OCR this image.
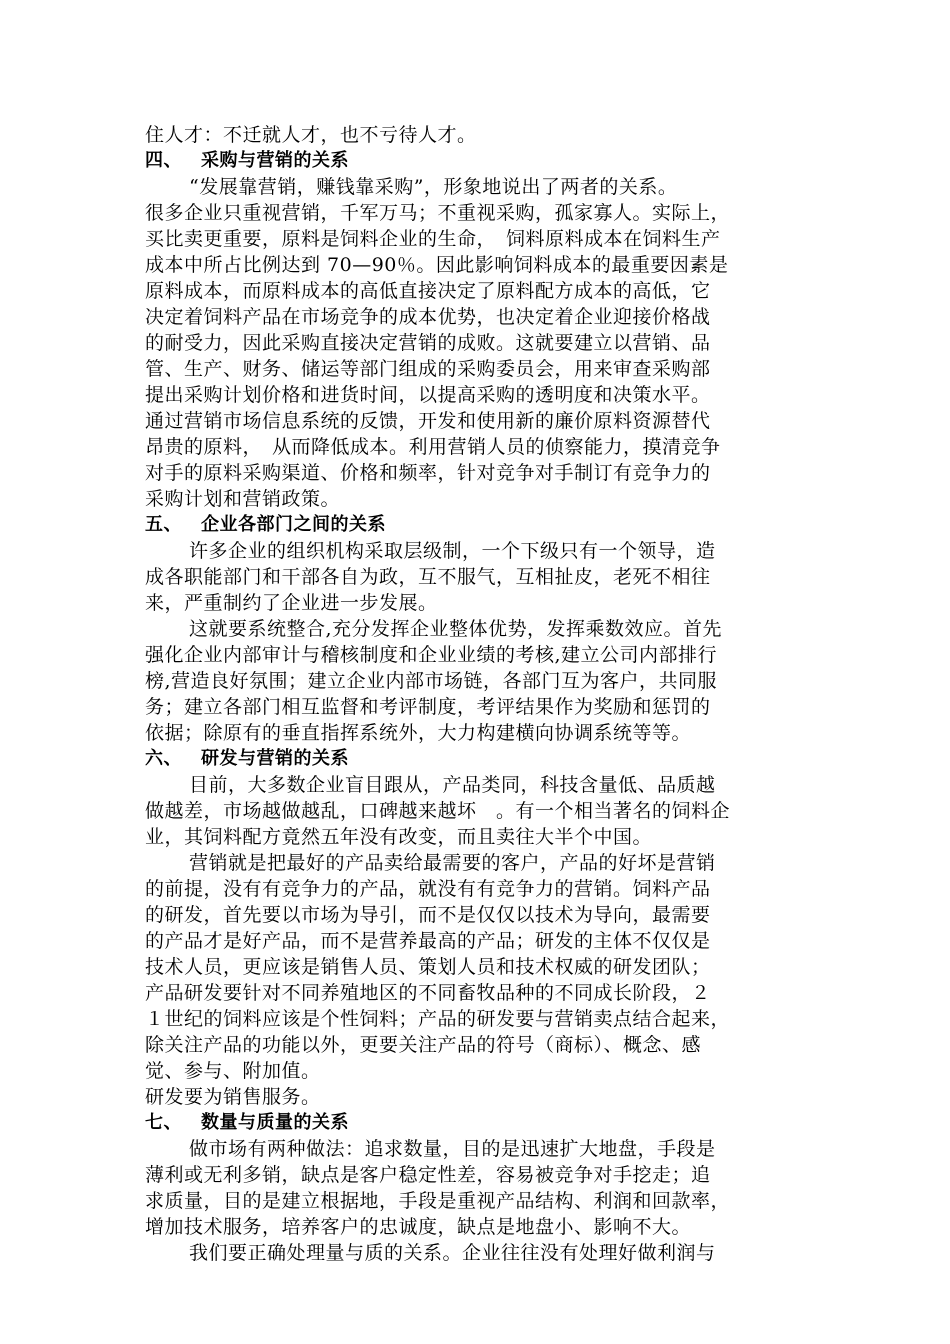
住人才：不迁就人才，也不亏待人才。
四、 采购与营销的关系
“发展靠营销，赚钱靠采购”，形象地说出了两者的关系。
很多企业只重视营销，千军万马；不重视采购，孤家寡人。实际上，
买比卖更重要，原料是饲料企业的生命，　饲料原料成本在饲料生产
成本中所占比例达到 70—90％。因此影响饲料成本的最重要因素是
原料成本，而原料成本的高低直接决定了原料配方成本的高低，它
决定着饲料产品在市场竞争的成本优势，也决定着企业迎接价格战
的耐受力，因此采购直接决定营销的成败。这就要建立以营销、品
管、生产、财务、储运等部门组成的采购委员会，用来审查采购部
提出采购计划价格和进货时间，以提高采购的透明度和决策水平。
通过营销市场信息系统的反馈，开发和使用新的廉价原料资源替代
昂贵的原料，　从而降低成本。利用营销人员的侦察能力，摸清竞争
对手的原料采购渠道、价格和频率，针对竞争对手制订有竞争力的
采购计划和营销政策。
五、 企业各部门之间的关系
许多企业的组织机构采取层级制，一个下级只有一个领导，造
成各职能部门和干部各自为政，互不服气，互相扯皮，老死不相往
来，严重制约了企业进一步发展。
这就要系统整合,充分发挥企业整体优势，发挥乘数效应。首先
强化企业内部审计与稽核制度和企业业绩的考核,建立公司内部排行
榜,营造良好氛围；建立企业内部市场链，各部门互为客户，共同服
务；建立各部门相互监督和考评制度，考评结果作为奖励和惩罚的
依据；除原有的垂直指挥系统外，大力构建横向协调系统等等。
六、 研发与营销的关系
目前，大多数企业盲目跟从，产品类同，科技含量低、品质越
做越差，市场越做越乱，口碑越来越坏　。有一个相当著名的饲料企
业，其饲料配方竟然五年没有改变，而且卖往大半个中国。
营销就是把最好的产品卖给最需要的客户，产品的好坏是营销
的前提，没有有竞争力的产品，就没有有竞争力的营销。饲料产品
的研发，首先要以市场为导引，而不是仅仅以技术为导向，最需要
的产品才是好产品，而不是营养最高的产品；研发的主体不仅仅是
技术人员，更应该是销售人员、策划人员和技术权威的研发团队；
产品研发要针对不同养殖地区的不同畜牧品种的不同成长阶段，２
１世纪的饲料应该是个性饲料；产品的研发要与营销卖点结合起来，
除关注产品的功能以外，更要关注产品的符号（商标）、概念、感
觉、参与、附加值。
研发要为销售服务。
七、 数量与质量的关系
做市场有两种做法：追求数量，目的是迅速扩大地盘，手段是
薄利或无利多销，缺点是客户稳定性差，容易被竞争对手挖走；追
求质量，目的是建立根据地，手段是重视产品结构、利润和回款率，
增加技术服务，培养客户的忠诚度，缺点是地盘小、影响不大。
我们要正确处理量与质的关系。企业往往没有处理好做利润与
